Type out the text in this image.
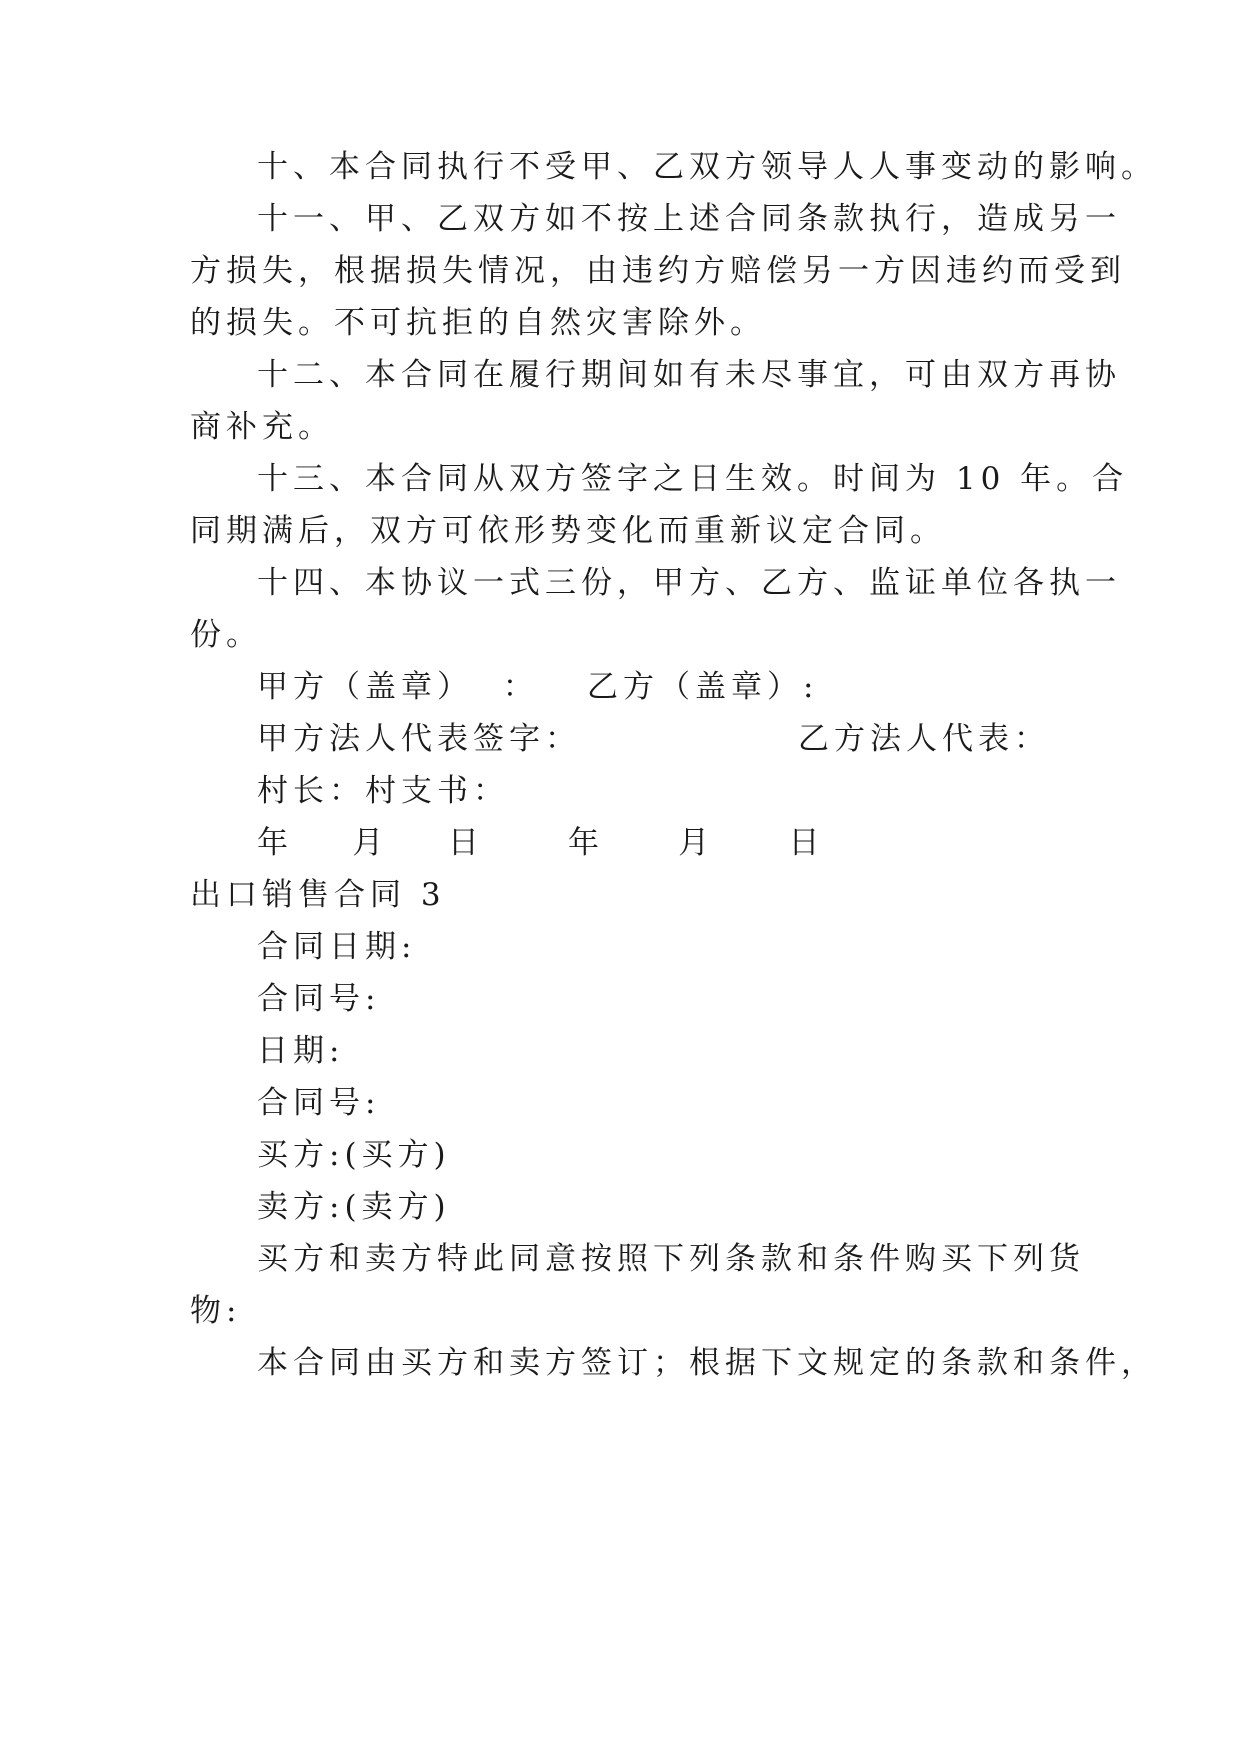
十、本合同执行不受甲、乙双方领导人人事变动的影响。
十一、甲、乙双方如不按上述合同条款执行，造成另一
方损失，根据损失情况，由违约方赔偿另一方因违约而受到
的损失。不可抗拒的自然灾害除外。
十二、本合同在履行期间如有未尽事宜，可由双方再协
商补充。
十三、本合同从双方签字之日生效。时间为 10 年。合
同期满后，双方可依形势变化而重新议定合同。
十四、本协议一式三份，甲方、乙方、监证单位各执一
份。
甲方（盖章）  ： 乙方（盖章）:
甲方法人代表签字：	乙方法人代表：
村长：村支书：
年    月    日	年     月     日
出口销售合同 3
合同日期:
合同号:
日期:
合同号:
买方:(买方)
卖方:(卖方)
买方和卖方特此同意按照下列条款和条件购买下列货
物:
本合同由买方和卖方签订；根据下文规定的条款和条件，
